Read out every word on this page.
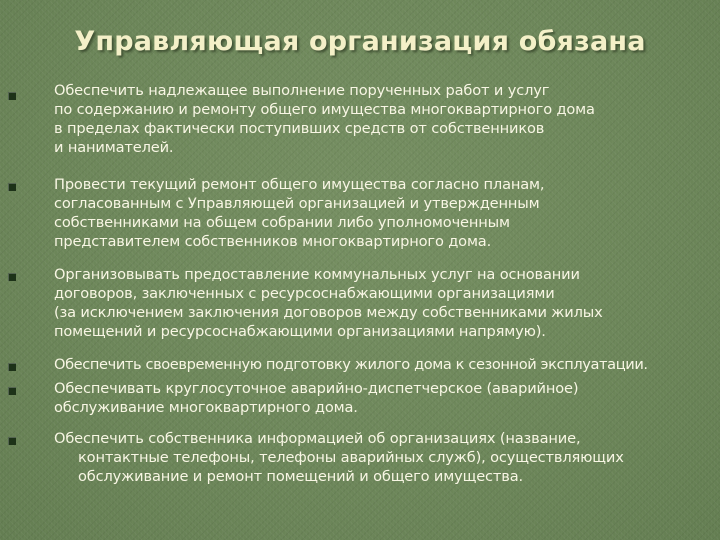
Управляющая организация обязана
Обеспечить надлежащее выполнение порученных работ и услуг
по содержанию и ремонту общего имущества многоквартирного дома
в пределах фактически поступивших средств от собственников
и нанимателей.
Провести текущий ремонт общего имущества согласно планам,
согласованным с Управляющей организацией и утвержденным
собственниками на общем собрании либо уполномоченным
представителем собственников многоквартирного дома.
Организовывать предоставление коммунальных услуг на основании
договоров, заключенных с ресурсоснабжающими организациями
(за исключением заключения договоров между собственниками жилых
помещений и ресурсоснабжающими организациями напрямую).
Обеспечить своевременную подготовку жилого дома к сезонной эксплуатации.
Обеспечивать круглосуточное аварийно-диспетчерское (аварийное)
обслуживание многоквартирного дома.
Обеспечить собственника информацией об организациях (название,
контактные телефоны, телефоны аварийных служб), осуществляющих
обслуживание и ремонт помещений и общего имущества.
